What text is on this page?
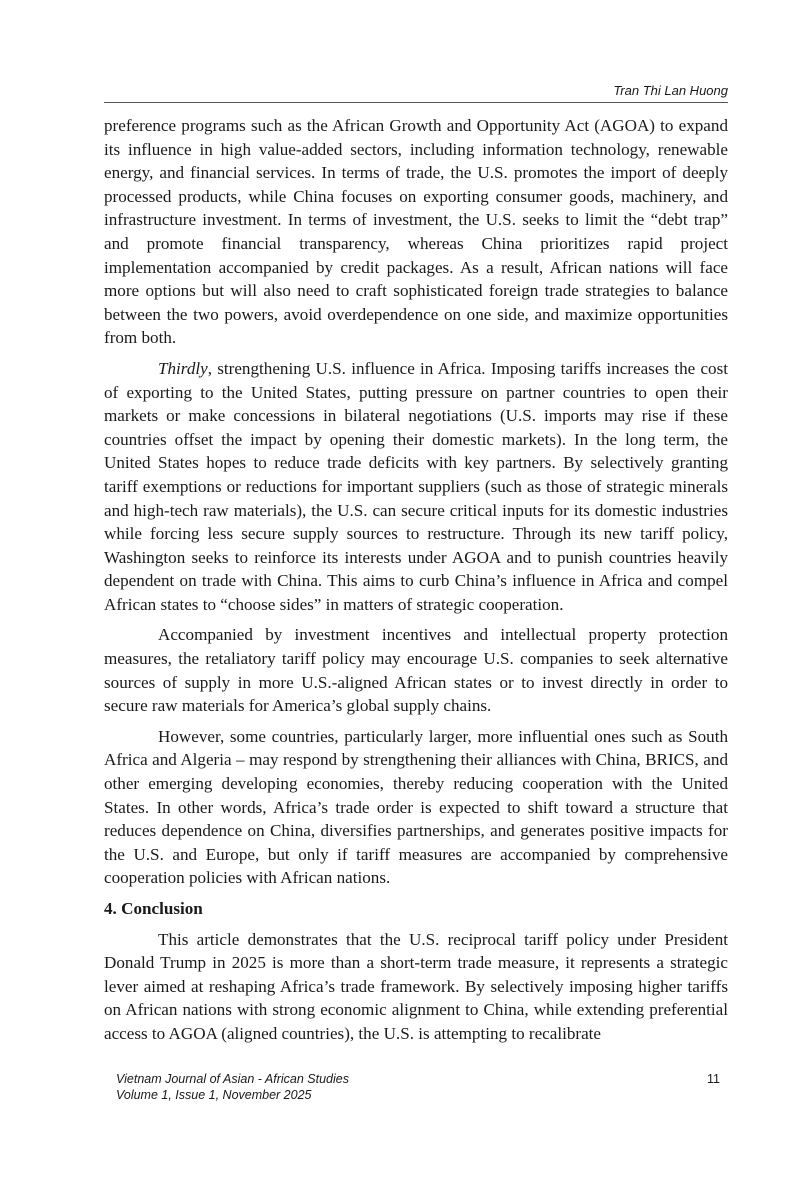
Tran Thi Lan Huong

preference programs such as the African Growth and Opportunity Act (AGOA) to expand its influence in high value-added sectors, including information technology, renewable energy, and financial services. In terms of trade, the U.S. promotes the import of deeply processed products, while China focuses on exporting consumer goods, machinery, and infrastructure investment. In terms of investment, the U.S. seeks to limit the “debt trap” and promote financial transparency, whereas China prioritizes rapid project implementation accompanied by credit packages. As a result, African nations will face more options but will also need to craft sophisticated foreign trade strategies to balance between the two powers, avoid overdependence on one side, and maximize opportunities from both.

Thirdly, strengthening U.S. influence in Africa. Imposing tariffs increases the cost of exporting to the United States, putting pressure on partner countries to open their markets or make concessions in bilateral negotiations (U.S. imports may rise if these countries offset the impact by opening their domestic markets). In the long term, the United States hopes to reduce trade deficits with key partners. By selectively granting tariff exemptions or reductions for important suppliers (such as those of strategic minerals and high-tech raw materials), the U.S. can secure critical inputs for its domestic industries while forcing less secure supply sources to restructure. Through its new tariff policy, Washington seeks to reinforce its interests under AGOA and to punish countries heavily dependent on trade with China. This aims to curb China’s influence in Africa and compel African states to “choose sides” in matters of strategic cooperation.

Accompanied by investment incentives and intellectual property protection measures, the retaliatory tariff policy may encourage U.S. companies to seek alternative sources of supply in more U.S.-aligned African states or to invest directly in order to secure raw materials for America’s global supply chains.

However, some countries, particularly larger, more influential ones such as South Africa and Algeria – may respond by strengthening their alliances with China, BRICS, and other emerging developing economies, thereby reducing cooperation with the United States. In other words, Africa’s trade order is expected to shift toward a structure that reduces dependence on China, diversifies partnerships, and generates positive impacts for the U.S. and Europe, but only if tariff measures are accompanied by comprehensive cooperation policies with African nations.

4. Conclusion

This article demonstrates that the U.S. reciprocal tariff policy under President Donald Trump in 2025 is more than a short-term trade measure, it represents a strategic lever aimed at reshaping Africa’s trade framework. By selectively imposing higher tariffs on African nations with strong economic alignment to China, while extending preferential access to AGOA (aligned countries), the U.S. is attempting to recalibrate

Vietnam Journal of Asian - African Studies
Volume 1, Issue 1, November 2025
11
